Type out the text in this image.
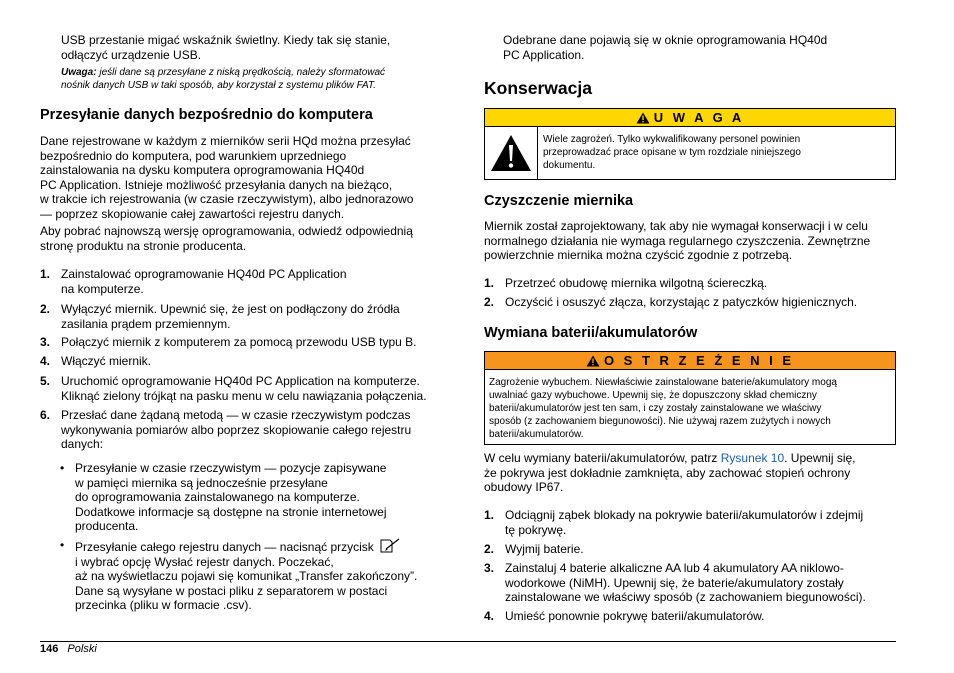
USB przestanie migać wskaźnik świetlny. Kiedy tak się stanie,
odłączyć urządzenie USB.

Uwaga: jeśli dane są przesyłane z niską prędkością, należy sformatować
nośnik danych USB w taki sposób, aby korzystał z systemu plików FAT.

Przesyłanie danych bezpośrednio do komputera

Dane rejestrowane w każdym z mierników serii HQd można przesyłać
bezpośrednio do komputera, pod warunkiem uprzedniego
zainstalowania na dysku komputera oprogramowania HQ40d
PC Application. Istnieje możliwość przesyłania danych na bieżąco,
w trakcie ich rejestrowania (w czasie rzeczywistym), albo jednorazowo
— poprzez skopiowanie całej zawartości rejestru danych.

Aby pobrać najnowszą wersję oprogramowania, odwiedź odpowiednią
stronę produktu na stronie producenta.

1. Zainstalować oprogramowanie HQ40d PC Application
na komputerze.
2. Wyłączyć miernik. Upewnić się, że jest on podłączony do źródła
zasilania prądem przemiennym.
3. Połączyć miernik z komputerem za pomocą przewodu USB typu B.
4. Włączyć miernik.
5. Uruchomić oprogramowanie HQ40d PC Application na komputerze.
Kliknąć zielony trójkąt na pasku menu w celu nawiązania połączenia.
6. Przesłać dane żądaną metodą — w czasie rzeczywistym podczas
wykonywania pomiarów albo poprzez skopiowanie całego rejestru
danych:
• Przesyłanie w czasie rzeczywistym — pozycje zapisywane
w pamięci miernika są jednocześnie przesyłane
do oprogramowania zainstalowanego na komputerze.
Dodatkowe informacje są dostępne na stronie internetowej
producenta.

• Przesyłanie całego rejestru danych — nacisnąć przycisk
i wybrać opcję Wysłać rejestr danych. Poczekać,
aż na wyświetlaczu pojawi się komunikat „Transfer zakończony”.
Dane są wysyłane w postaci pliku z separatorem w postaci
przecinka (pliku w formacie .csv).

Odebrane dane pojawią się w oknie oprogramowania HQ40d
PC Application.

Konserwacja
U W A G A
Wiele zagrożeń. Tylko wykwalifikowany personel powinien
przeprowadzać prace opisane w tym rozdziale niniejszego
dokumentu.
Czyszczenie miernika

Miernik został zaprojektowany, tak aby nie wymagał konserwacji i w celu
normalnego działania nie wymaga regularnego czyszczenia. Zewnętrzne
powierzchnie miernika można czyścić zgodnie z potrzebą.

1. Przetrzeć obudowę miernika wilgotną ściereczką.
2. Oczyścić i osuszyć złącza, korzystając z patyczków higienicznych.
Wymiana baterii/akumulatorów
O S T R Z E Ż E N I E
Zagrożenie wybuchem. Niewłaściwie zainstalowane baterie/akumulatory mogą
uwalniać gazy wybuchowe. Upewnij się, że dopuszczony skład chemiczny
baterii/akumulatorów jest ten sam, i czy zostały zainstalowane we właściwy
sposób (z zachowaniem biegunowości). Nie używaj razem zużytych i nowych
baterii/akumulatorów.

W celu wymiany baterii/akumulatorów, patrz Rysunek 10. Upewnij się,
że pokrywa jest dokładnie zamknięta, aby zachować stopień ochrony
obudowy IP67.

1. Odciągnij ząbek blokady na pokrywie baterii/akumulatorów i zdejmij
tę pokrywę.
2. Wyjmij baterie.
3. Zainstaluj 4 baterie alkaliczne AA lub 4 akumulatory AA niklowo-
wodorkowe (NiMH). Upewnij się, że baterie/akumulatory zostały
zainstalowane we właściwy sposób (z zachowaniem biegunowości).
4. Umieść ponownie pokrywę baterii/akumulatorów.
146 Polski
